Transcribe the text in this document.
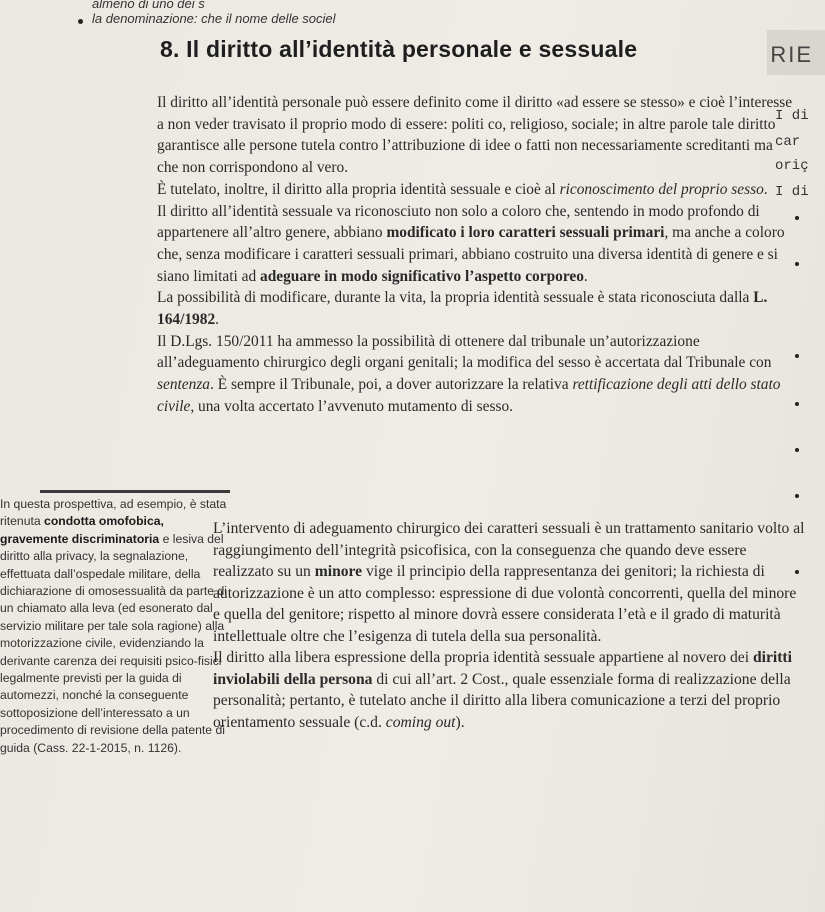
almeno di uno dei s
la denominazione: che il nome delle sociel
RIE
8. Il diritto all’identità personale e sessuale
I di
car
oriç
I di

Il diritto all’identità personale può essere definito come il diritto «ad essere se stesso» e cioè l’interesse a non veder travisato il proprio modo di essere: politi co, religioso, sociale; in altre parole tale diritto garantisce alle persone tutela contro l’attribuzione di idee o fatti non necessariamente screditanti ma che non corrispondono al vero.

È tutelato, inoltre, il diritto alla propria identità sessuale e cioè al riconoscimento del proprio sesso.

Il diritto all’identità sessuale va riconosciuto non solo a coloro che, sentendo in modo profondo di appartenere all’altro genere, abbiano modificato i loro caratteri sessuali primari, ma anche a coloro che, senza modificare i caratteri sessuali primari, abbiano costruito una diversa identità di genere e si siano limitati ad adeguare in modo significativo l’aspetto corporeo.

La possibilità di modificare, durante la vita, la propria identità sessuale è stata riconosciuta dalla L. 164/1982.

Il D.Lgs. 150/2011 ha ammesso la possibilità di ottenere dal tribunale un’autorizzazione all’adeguamento chirurgico degli organi genitali; la modifica del sesso è accertata dal Tribunale con sentenza. È sempre il Tribunale, poi, a dover autorizzare la relativa rettificazione degli atti dello stato civile, una volta accertato l’avvenuto mutamento di sesso.

In questa prospettiva, ad esempio, è stata ritenuta condotta omofobica, gravemente discriminatoria e lesiva del diritto alla privacy, la segnalazione, effettuata dall’ospedale militare, della dichiarazione di omosessualità da parte di un chiamato alla leva (ed esonerato dal servizio militare per tale sola ragione) alla motorizzazione civile, evidenziando la derivante carenza dei requisiti psico-fisici legalmente previsti per la guida di automezzi, nonché la conseguente sottoposizione dell’interessato a un procedimento di revisione della patente di guida (Cass. 22-1-2015, n. 1126).

L’intervento di adeguamento chirurgico dei caratteri sessuali è un trattamento sanitario volto al raggiungimento dell’integrità psicofisica, con la conseguenza che quando deve essere realizzato su un minore vige il principio della rappresentanza dei genitori; la richiesta di autorizzazione è un atto complesso: espressione di due volontà concorrenti, quella del minore e quella del genitore; rispetto al minore dovrà essere considerata l’età e il grado di maturità intellettuale oltre che l’esigenza di tutela della sua personalità.

Il diritto alla libera espressione della propria identità sessuale appartiene al novero dei diritti inviolabili della persona di cui all’art. 2 Cost., quale essenziale forma di realizzazione della personalità; pertanto, è tutelato anche il diritto alla libera comunicazione a terzi del proprio orientamento sessuale (c.d. coming out).
